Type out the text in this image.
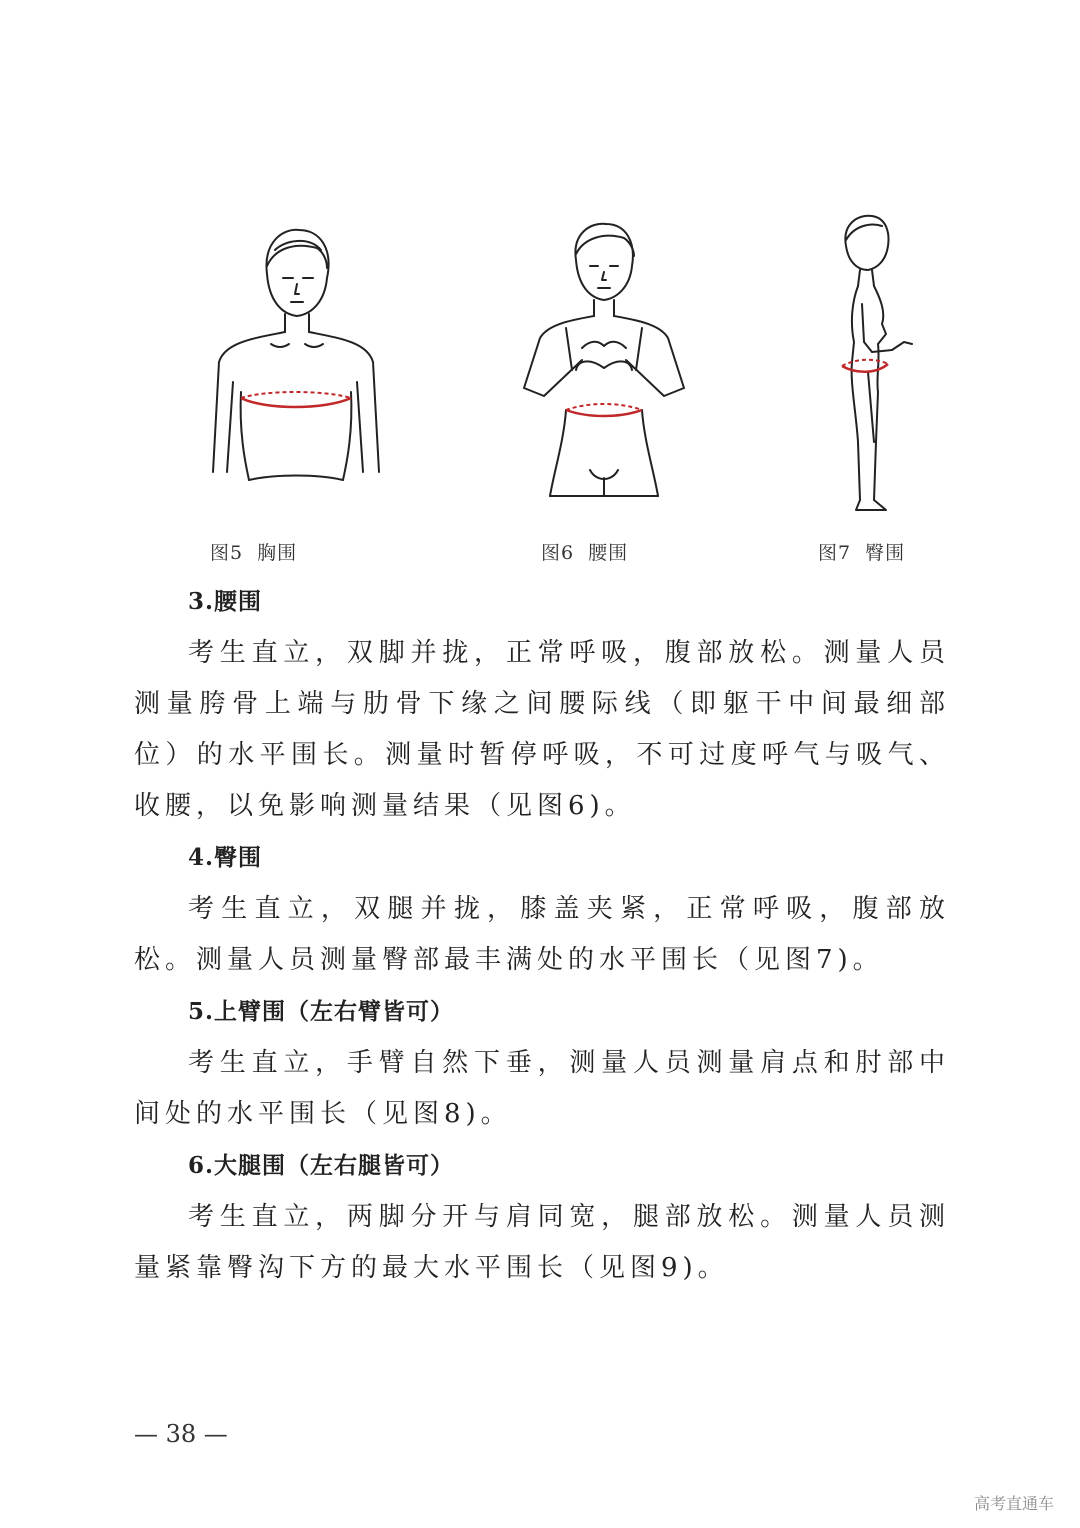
图5 胸围	图6 腰围	图7 臀围
3.腰围

考生直立，双脚并拢，正常呼吸，腹部放松。测量人员测量胯骨上端与肋骨下缘之间腰际线（即躯干中间最细部位）的水平围长。测量时暂停呼吸，不可过度呼气与吸气、收腰，以免影响测量结果（见图6)。

4.臀围

考生直立，双腿并拢，膝盖夹紧，正常呼吸，腹部放松。测量人员测量臀部最丰满处的水平围长（见图7)。

5.上臂围（左右臂皆可）

考生直立，手臂自然下垂，测量人员测量肩点和肘部中间处的水平围长（见图8)。

6.大腿围（左右腿皆可）

考生直立，两脚分开与肩同宽，腿部放松。测量人员测量紧靠臀沟下方的最大水平围长（见图9)。

— 38 —
高考直通车
